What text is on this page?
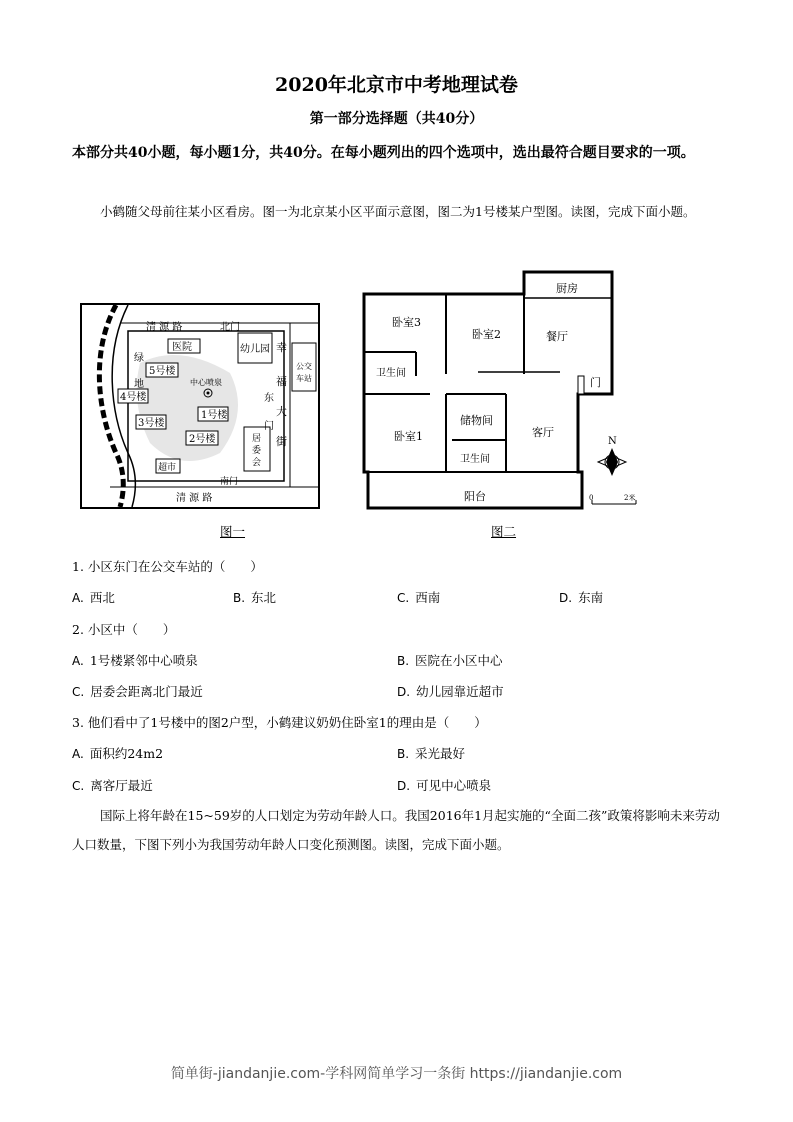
2020年北京市中考地理试卷
第一部分选择题（共40分）
本部分共40小题，每小题1分，共40分。在每小题列出的四个选项中，选出最符合题目要求的一项。
小鹤随父母前往某小区看房。图一为北京某小区平面示意图，图二为1号楼某户型图。读图，完成下面小题。
清 源 路	北门
医院	幼儿园 幸
福
大
街
绿
地
5号楼
4号楼
3号楼
1号楼
2号楼
中心喷泉
东
门
公交
车站
居
委
会
超市
南门
清 源 路
图一
厨房
卧室3
卧室2	餐厅
卫生间
门
储物间
卧室1	客厅
卫生间
阳台
N
0	2米
图二
1. 小区东门在公交车站的（　　）
A. 西北	B. 东北	C. 西南	D. 东南
2. 小区中（　　）
A. 1号楼紧邻中心喷泉	B. 医院在小区中心
C. 居委会距离北门最近	D. 幼儿园靠近超市
3. 他们看中了1号楼中的图2户型，小鹤建议奶奶住卧室1的理由是（　　）
A. 面积约24m2	B. 采光最好
C. 离客厅最近	D. 可见中心喷泉
国际上将年龄在15~59岁的人口划定为劳动年龄人口。我国2016年1月起实施的“全面二孩”政策将影响未来劳动人口数量，下图下列小为我国劳动年龄人口变化预测图。读图，完成下面小题。
简单街-jiandanjie.com-学科网简单学习一条街 https://jiandanjie.com
